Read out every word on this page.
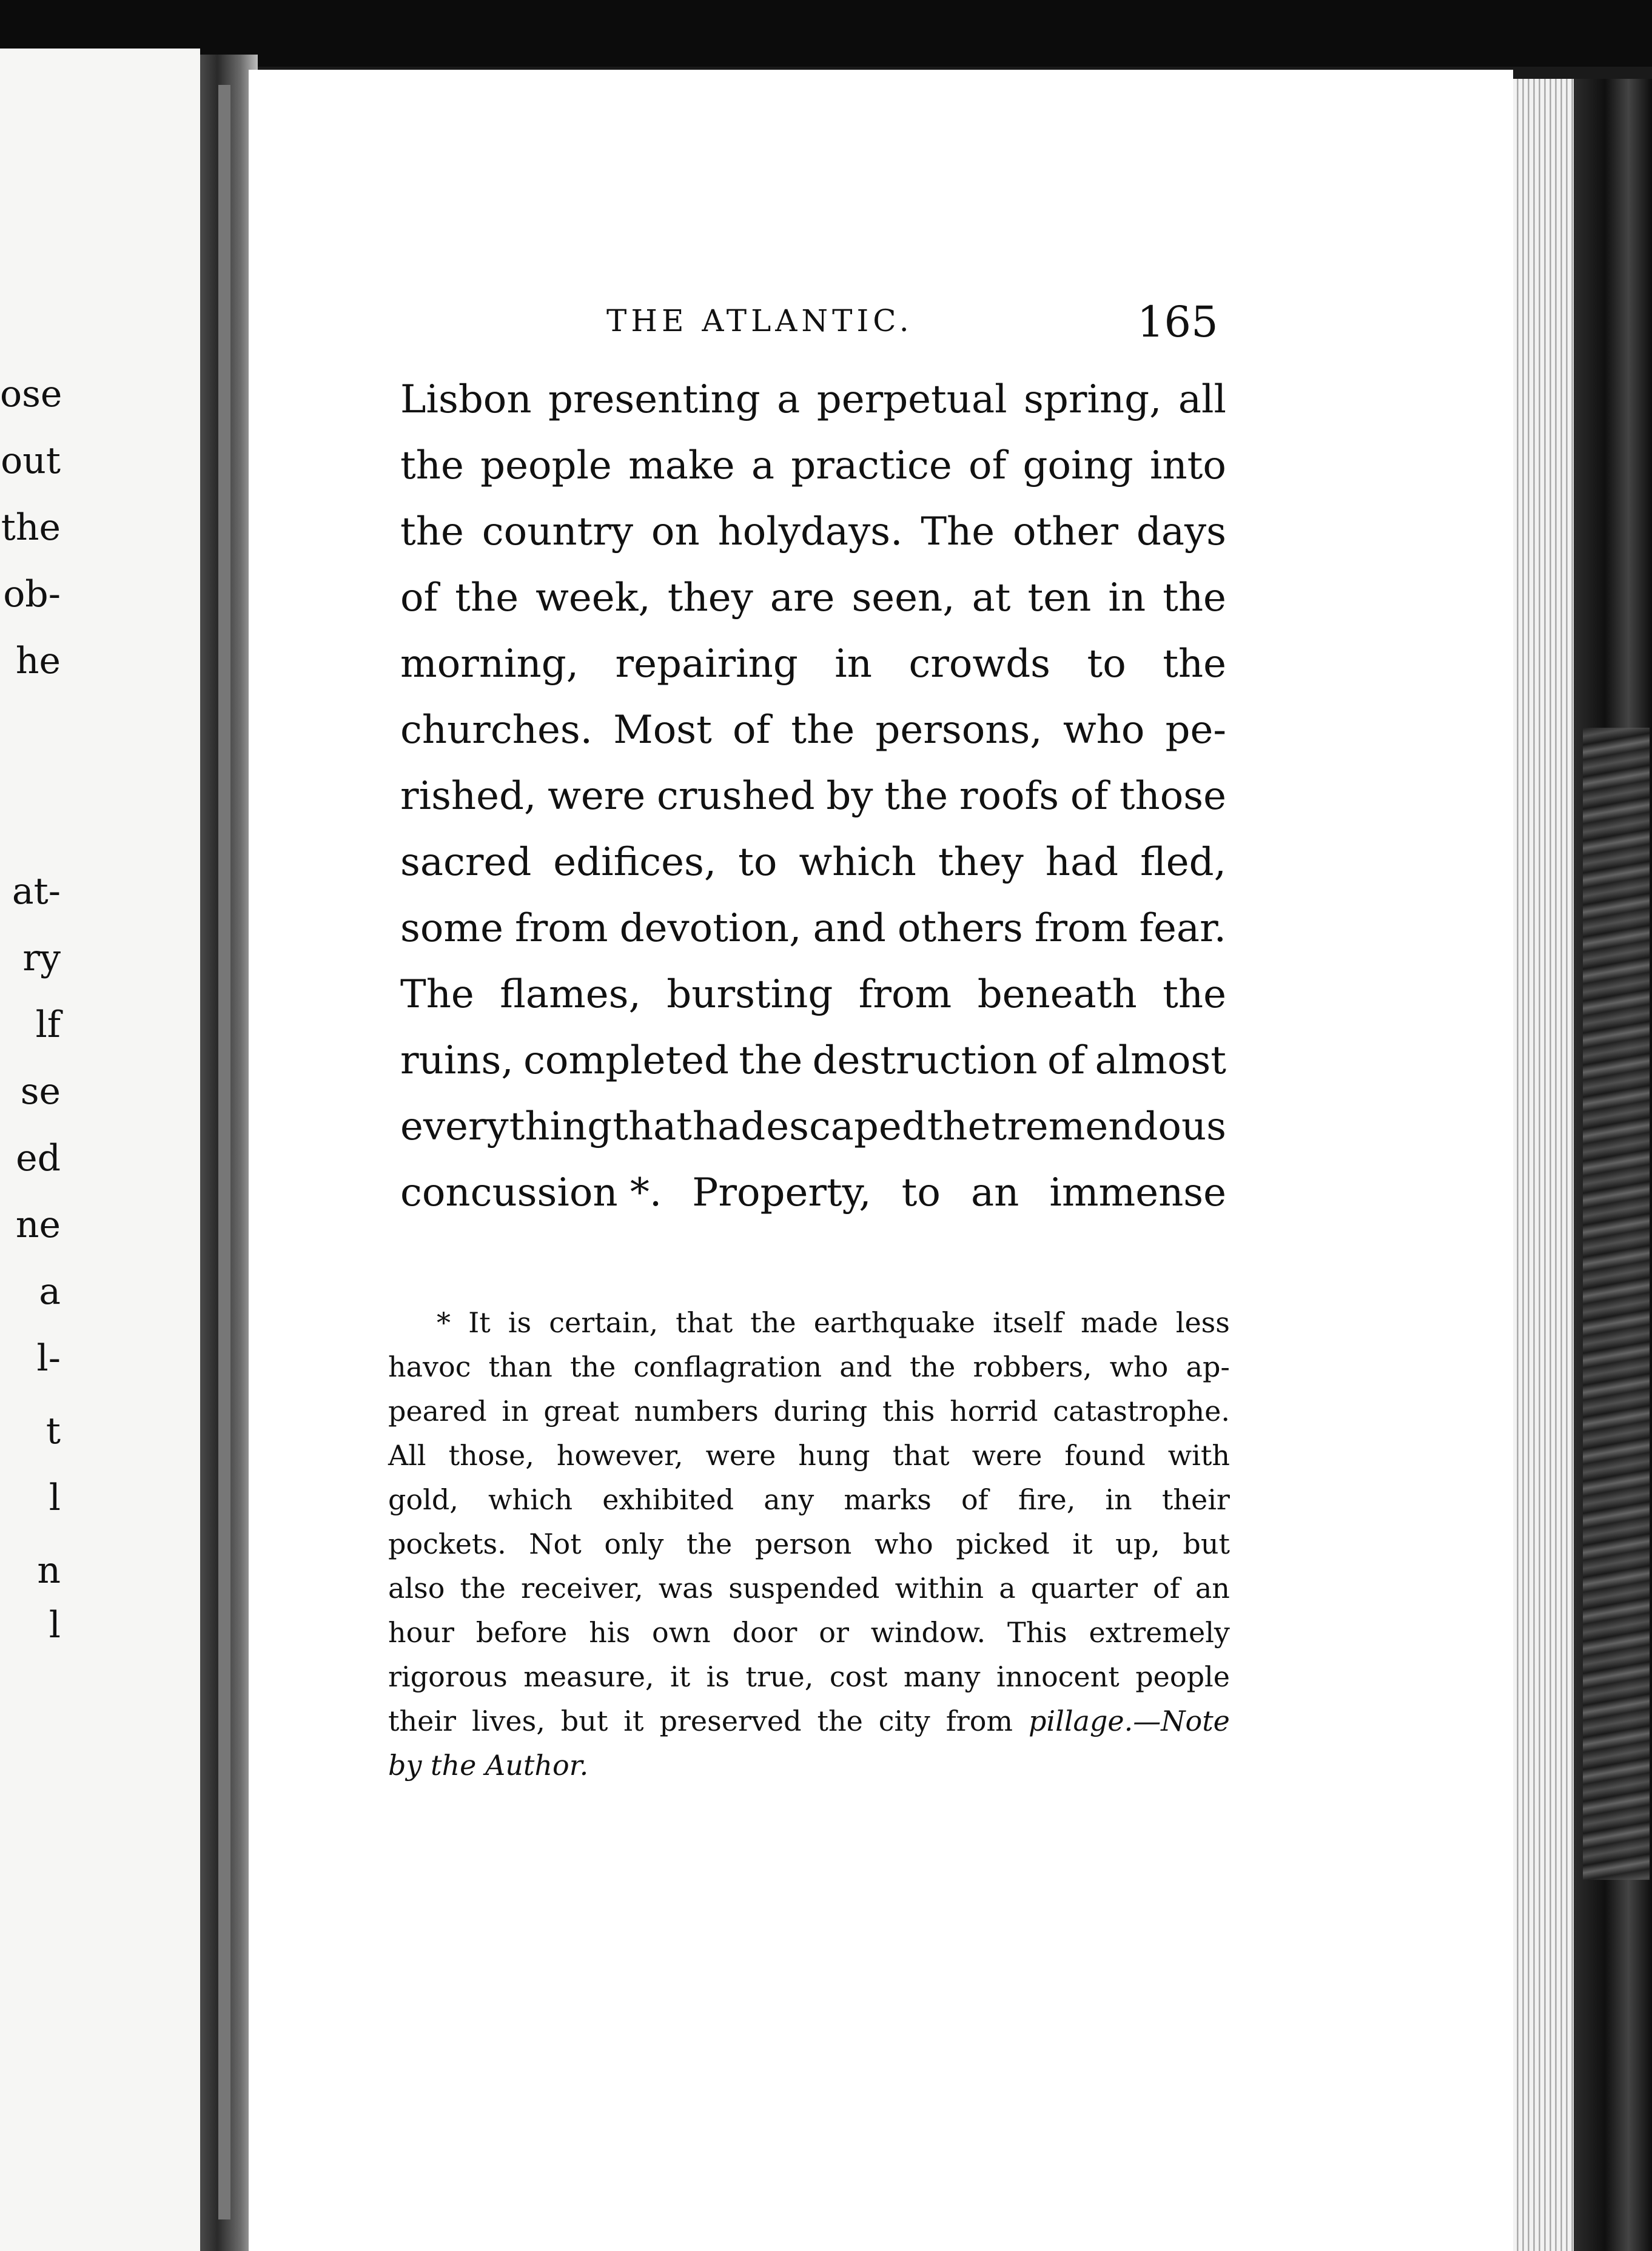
ose
out
the
ob-
he
at-
ry
lf
se
ed
ne
a
l-
t
l
n
l
THE ATLANTIC.	165
Lisbon presenting a perpetual spring, all
the people make a practice of going into
the country on holydays. The other days
of the week, they are seen, at ten in the
morning, repairing in crowds to the
churches. Most of the persons, who pe-
rished, were crushed by the roofs of those
sacred edifices, to which they had fled,
some from devotion, and others from fear.
The flames, bursting from beneath the
ruins, completed the destruction of almost
every thing that had escaped the tremendous
concussion *. Property, to an immense
* It is certain, that the earthquake itself made less
havoc than the conflagration and the robbers, who ap-
peared in great numbers during this horrid catastrophe.
All those, however, were hung that were found with
gold, which exhibited any marks of fire, in their
pockets. Not only the person who picked it up, but
also the receiver, was suspended within a quarter of an
hour before his own door or window. This extremely
rigorous measure, it is true, cost many innocent people
their lives, but it preserved the city from pillage.—Note
by the Author.
